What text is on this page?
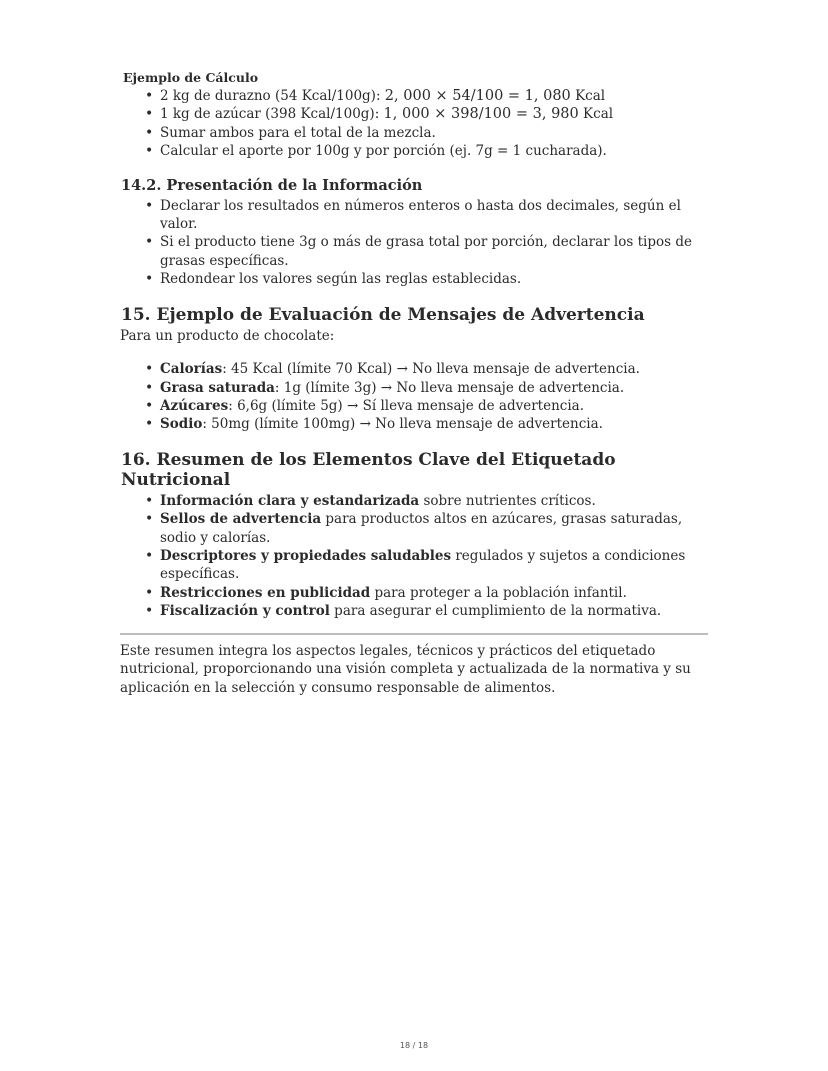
Ejemplo de Cálculo
• 2 kg de durazno (54 Kcal/100g): 2, 000 × 54/100 = 1, 080 Kcal
• 1 kg de azúcar (398 Kcal/100g): 1, 000 × 398/100 = 3, 980 Kcal
• Sumar ambos para el total de la mezcla.
• Calcular el aporte por 100g y por porción (ej. 7g = 1 cucharada).
14.2. Presentación de la Información
• Declarar los resultados en números enteros o hasta dos decimales, según el valor.
• Si el producto tiene 3g o más de grasa total por porción, declarar los tipos de grasas específicas.
• Redondear los valores según las reglas establecidas.
15. Ejemplo de Evaluación de Mensajes de Advertencia

Para un producto de chocolate:

• Calorías: 45 Kcal (límite 70 Kcal) → No lleva mensaje de advertencia.
• Grasa saturada: 1g (límite 3g) → No lleva mensaje de advertencia.
• Azúcares: 6,6g (límite 5g) → Sí lleva mensaje de advertencia.
• Sodio: 50mg (límite 100mg) → No lleva mensaje de advertencia.
16. Resumen de los Elementos Clave del Etiquetado Nutricional
• Información clara y estandarizada sobre nutrientes críticos.
• Sellos de advertencia para productos altos en azúcares, grasas saturadas, sodio y calorías.
• Descriptores y propiedades saludables regulados y sujetos a condiciones específicas.
• Restricciones en publicidad para proteger a la población infantil.
• Fiscalización y control para asegurar el cumplimiento de la normativa.

Este resumen integra los aspectos legales, técnicos y prácticos del etiquetado nutricional, proporcionando una visión completa y actualizada de la normativa y su aplicación en la selección y consumo responsable de alimentos.

18 / 18
